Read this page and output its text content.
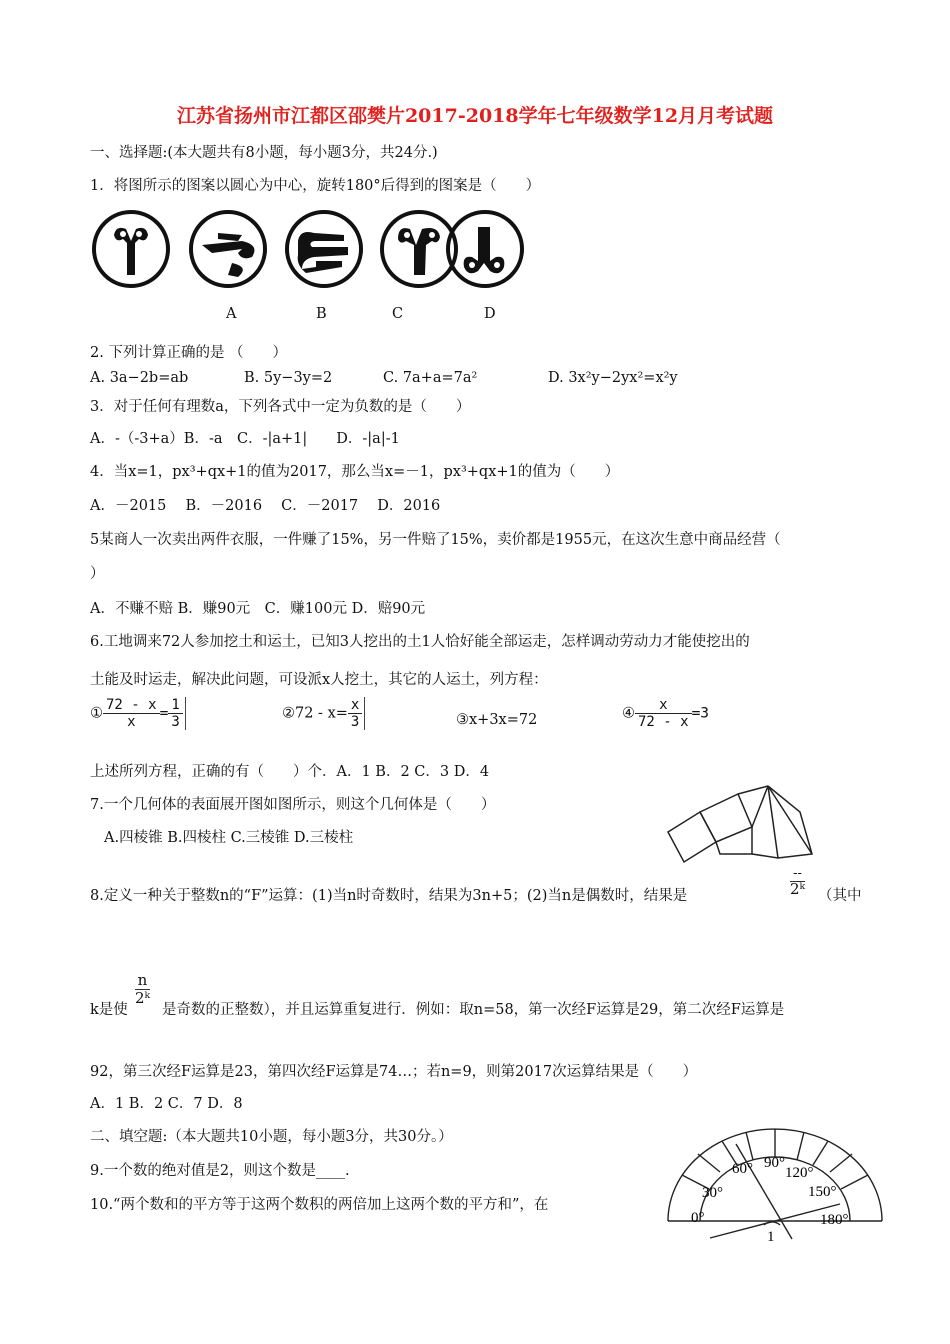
江苏省扬州市江都区邵樊片2017-2018学年七年级数学12月月考试题
一、选择题:(本大题共有8小题，每小题3分，共24分.)
1．将图所示的图案以圆心为中心，旋转180°后得到的图案是（　　）
A	B	C	D
2. 下列计算正确的是 （　　）
A. 3a−2b=ab	B. 5y−3y=2	C. 7a+a=7a²	D. 3x²y−2yx²=x²y
3．对于任何有理数a，下列各式中一定为负数的是（　　）
A．-（-3+a）B．-a　C．-|a+1|　　D．-|a|-1
4．当x=1，px³+qx+1的值为2017，那么当x=－1，px³+qx+1的值为（　　）
A．－2015　 B．－2016　 C．－2017　 D．2016
5某商人一次卖出两件衣服，一件赚了15%，另一件赔了15%，卖价都是1955元，在这次生意中商品经营（
）
A．不赚不赔 B．赚90元　C．赚100元 D．赔90元
6.工地调来72人参加挖土和运土，已知3人挖出的土1人恰好能全部运走，怎样调动劳动力才能使挖出的
土能及时运走，解决此问题，可设派x人挖土，其它的人运土，列方程：
① $\frac{72 - x}{x} = \frac{1}{3}$	②72 - $x= \frac{x}{3}$	③x+3x=72	④ $\frac{x}{72 - x} =3$
上述所列方程，正确的有（　　）个．A．1 B．2 C．3 D．4
7.一个几何体的表面展开图如图所示，则这个几何体是（　　）
A.四棱锥 B.四棱柱 C.三棱锥 D.三棱柱
8.定义一种关于整数n的“F”运算：(1)当n时奇数时，结果为3n+5；(2)当n是偶数时，结果是
--
2ᵏ （其中
$\frac{n}{\text{2ᵏ}}$
k是使 是奇数的正整数），并且运算重复进行．例如：取n=58，第一次经F运算是29，第二次经F运算是
92，第三次经F运算是23，第四次经F运算是74…；若n=9，则第2017次运算结果是（　　）
A．1 B．2 C．7 D．8
二、填空题:（本大题共10小题，每小题3分，共30分。）
9.一个数的绝对值是2，则这个数是____.
10.“两个数和的平方等于这两个数积的两倍加上这两个数的平方和”，在
60° 90°
120°
30°	150°
0°	180°
1
